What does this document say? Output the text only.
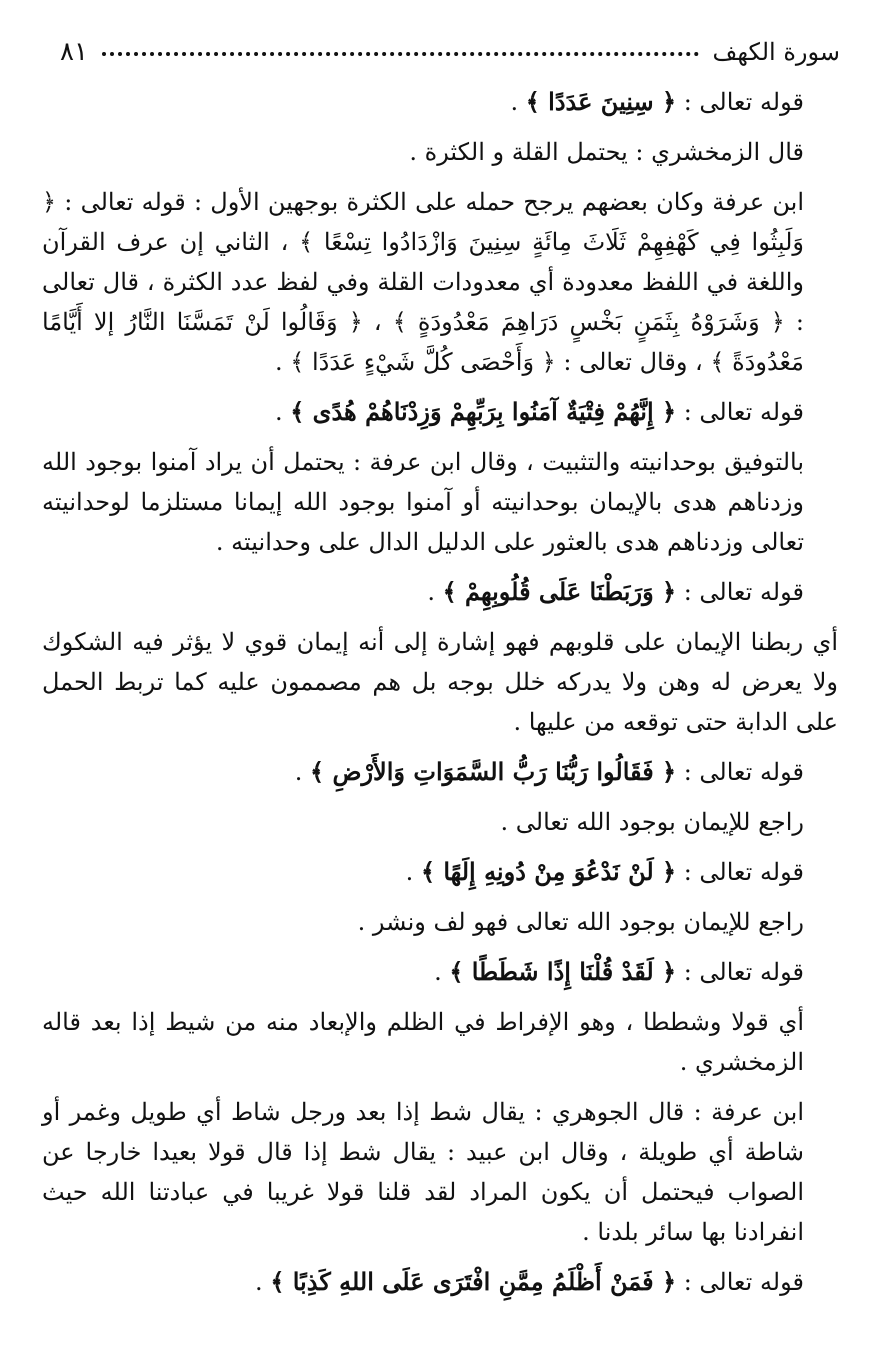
سورة الكهف
٨١

قوله تعالى : ﴿ سِنِينَ عَدَدًا ﴾ .

قال الزمخشري : يحتمل القلة و الكثرة .

ابن عرفة وكان بعضهم يرجح حمله على الكثرة بوجهين الأول : قوله تعالى : ﴿ وَلَبِثُوا فِي كَهْفِهِمْ ثَلَاثَ مِائَةٍ سِنِينَ وَازْدَادُوا تِسْعًا ﴾ ، الثاني إن عرف القرآن واللغة في اللفظ معدودة أي معدودات القلة وفي لفظ عدد الكثرة ، قال تعالى : ﴿ وَشَرَوْهُ بِثَمَنٍ بَخْسٍ دَرَاهِمَ مَعْدُودَةٍ ﴾ ، ﴿ وَقَالُوا لَنْ تَمَسَّنَا النَّارُ إلا أَيَّامًا مَعْدُودَةً ﴾ ، وقال تعالى : ﴿ وَأَحْصَى كُلَّ شَيْءٍ عَدَدًا ﴾ .

قوله تعالى : ﴿ إِنَّهُمْ فِتْيَةٌ آمَنُوا بِرَبِّهِمْ وَزِدْنَاهُمْ هُدًى ﴾ .

بالتوفيق بوحدانيته والتثبيت ، وقال ابن عرفة : يحتمل أن يراد آمنوا بوجود الله وزدناهم هدى بالإيمان بوحدانيته أو آمنوا بوجود الله إيمانا مستلزما لوحدانيته تعالى وزدناهم هدى بالعثور على الدليل الدال على وحدانيته .

قوله تعالى : ﴿ وَرَبَطْنَا عَلَى قُلُوبِهِمْ ﴾ .

أي ربطنا الإيمان على قلوبهم فهو إشارة إلى أنه إيمان قوي لا يؤثر فيه الشكوك ولا يعرض له وهن ولا يدركه خلل بوجه بل هم مصممون عليه كما تربط الحمل على الدابة حتى توقعه من عليها .

قوله تعالى : ﴿ فَقَالُوا رَبُّنَا رَبُّ السَّمَوَاتِ وَالأَرْضِ ﴾ .

راجع للإيمان بوجود الله تعالى .

قوله تعالى : ﴿ لَنْ نَدْعُوَ مِنْ دُونِهِ إِلَهًا ﴾ .

راجع للإيمان بوجود الله تعالى فهو لف ونشر .

قوله تعالى : ﴿ لَقَدْ قُلْنَا إِذًا شَطَطًا ﴾ .

أي قولا وشططا ، وهو الإفراط في الظلم والإبعاد منه من شيط إذا بعد قاله الزمخشري .

ابن عرفة : قال الجوهري : يقال شط إذا بعد ورجل شاط أي طويل وغمر أو شاطة أي طويلة ، وقال ابن عبيد : يقال شط إذا قال قولا بعيدا خارجا عن الصواب فيحتمل أن يكون المراد لقد قلنا قولا غريبا في عبادتنا الله حيث انفرادنا بها سائر بلدنا .

قوله تعالى : ﴿ فَمَنْ أَظْلَمُ مِمَّنِ افْتَرَى عَلَى اللهِ كَذِبًا ﴾ .
